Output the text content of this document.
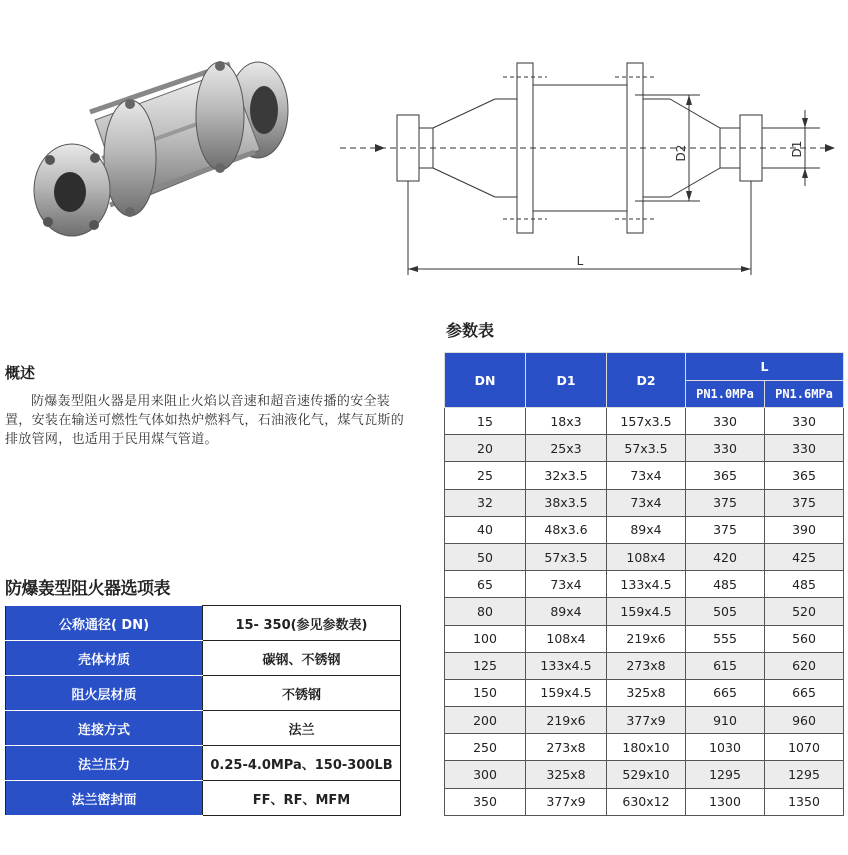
D2	D1
L
概述
防爆轰型阻火器是用来阻止火焰以音速和超音速传播的安全装置，安装在输送可燃性气体如热炉燃料气，石油液化气，煤气瓦斯的排放管网，也适用于民用煤气管道。
防爆轰型阻火器选项表
公称通径( DN)	15- 350(参见参数表)
壳体材质	碳钢、不锈钢
阻火层材质	不锈钢
连接方式	法兰
法兰压力	0.25-4.0MPa、150-300LB
法兰密封面	FF、RF、MFM
参数表
DN	D1	D2	L	
			PN1.0MPa	PN1.6MPa
15	18x3	157x3.5	330	330
20	25x3	57x3.5	330	330
25	32x3.5	73x4	365	365
32	38x3.5	73x4	375	375
40	48x3.6	89x4	375	390
50	57x3.5	108x4	420	425
65	73x4	133x4.5	485	485
80	89x4	159x4.5	505	520
100	108x4	219x6	555	560
125	133x4.5	273x8	615	620
150	159x4.5	325x8	665	665
200	219x6	377x9	910	960
250	273x8	180x10	1030	1070
300	325x8	529x10	1295	1295
350	377x9	630x12	1300	1350
